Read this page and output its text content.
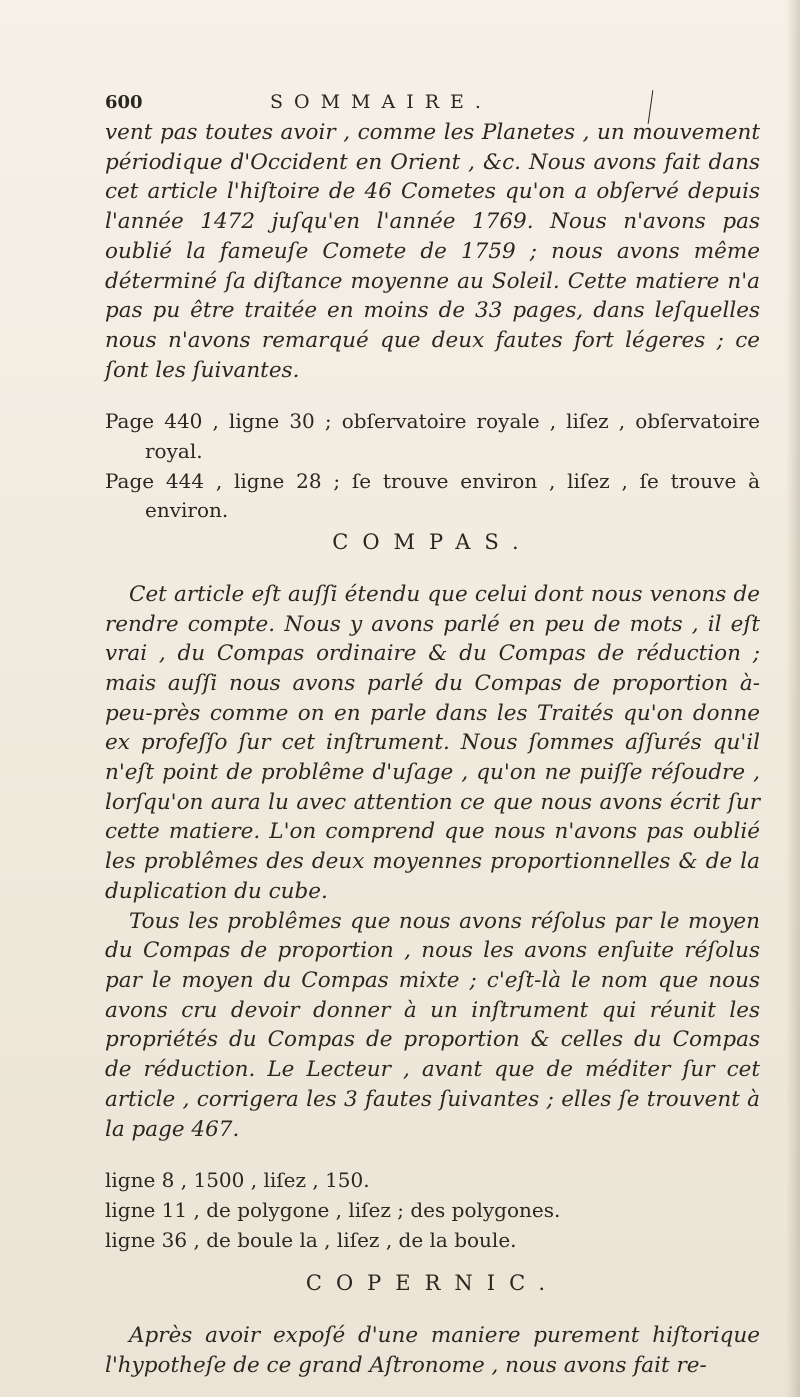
600	SOMMAIRE.

vent pas toutes avoir , comme les Planetes , un mouvement périodique d'Occident en Orient , &c. Nous avons fait dans cet article l'hiſtoire de 46 Cometes qu'on a obſervé depuis l'année 1472 juſqu'en l'année 1769. Nous n'avons pas oublié la fameuſe Comete de 1759 ; nous avons même déterminé ſa diſtance moyenne au Soleil. Cette matiere n'a pas pu être traitée en moins de 33 pages, dans leſquelles nous n'avons remarqué que deux fautes fort légeres ; ce ſont les ſuivantes.

Page 440 , ligne 30 ; obſervatoire royale , liſez , obſervatoire royal.

Page 444 , ligne 28 ; ſe trouve environ , liſez , ſe trouve à environ.

COMPAS.

Cet article eſt auſſi étendu que celui dont nous venons de rendre compte. Nous y avons parlé en peu de mots , il eſt vrai , du Compas ordinaire & du Compas de réduction ; mais auſſi nous avons parlé du Compas de proportion à-peu-près comme on en parle dans les Traités qu'on donne ex profeſſo ſur cet inſtrument. Nous ſommes aſſurés qu'il n'eſt point de problême d'uſage , qu'on ne puiſſe réſoudre , lorſqu'on aura lu avec attention ce que nous avons écrit ſur cette matiere. L'on comprend que nous n'avons pas oublié les problêmes des deux moyennes proportionnelles & de la duplication du cube.

Tous les problêmes que nous avons réſolus par le moyen du Compas de proportion , nous les avons enſuite réſolus par le moyen du Compas mixte ; c'eſt-là le nom que nous avons cru devoir donner à un inſtrument qui réunit les propriétés du Compas de proportion & celles du Compas de réduction. Le Lecteur , avant que de méditer ſur cet article , corrigera les 3 fautes ſuivantes ; elles ſe trouvent à la page 467.

ligne 8 , 1500 , liſez , 150.

ligne 11 , de polygone , liſez ; des polygones.

ligne 36 , de boule la , liſez , de la boule.

COPERNIC.

Après avoir expoſé d'une maniere purement hiſtorique l'hypotheſe de ce grand Aſtronome , nous avons fait re-
